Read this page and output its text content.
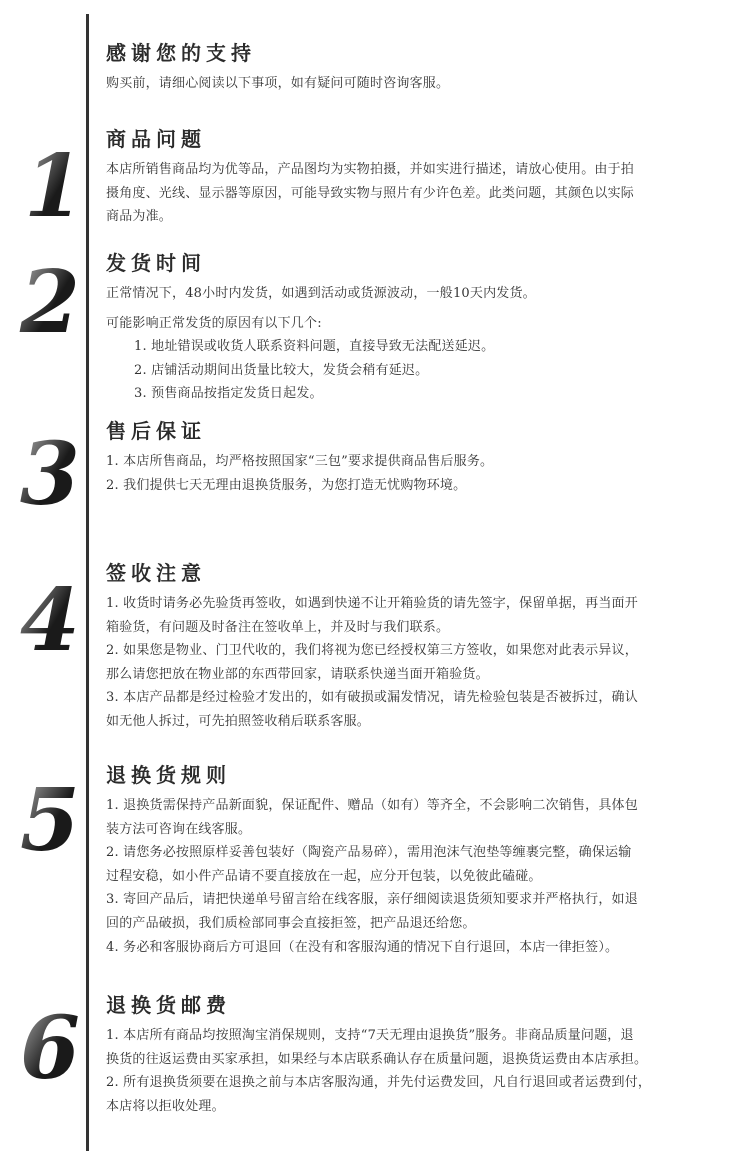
1
2
3
4
5
6
感谢您的支持

购买前，请细心阅读以下事项，如有疑问可随时咨询客服。

商品问题

本店所销售商品均为优等品，产品图均为实物拍摄，并如实进行描述，请放心使用。由于拍

摄角度、光线、显示器等原因，可能导致实物与照片有少许色差。此类问题，其颜色以实际

商品为准。

发货时间

正常情况下，48小时内发货，如遇到活动或货源波动，一般10天内发货。

可能影响正常发货的原因有以下几个:

1. 地址错误或收货人联系资料问题，直接导致无法配送延迟。

2. 店铺活动期间出货量比较大，发货会稍有延迟。

3. 预售商品按指定发货日起发。

售后保证

1. 本店所售商品，均严格按照国家“三包”要求提供商品售后服务。

2. 我们提供七天无理由退换货服务，为您打造无忧购物环境。

签收注意

1. 收货时请务必先验货再签收，如遇到快递不让开箱验货的请先签字，保留单据，再当面开

箱验货，有问题及时备注在签收单上，并及时与我们联系。

2. 如果您是物业、门卫代收的，我们将视为您已经授权第三方签收，如果您对此表示异议，

那么请您把放在物业部的东西带回家，请联系快递当面开箱验货。

3. 本店产品都是经过检验才发出的，如有破损或漏发情况，请先检验包装是否被拆过，确认

如无他人拆过，可先拍照签收稍后联系客服。

退换货规则

1. 退换货需保持产品新面貌，保证配件、赠品（如有）等齐全，不会影响二次销售，具体包

装方法可咨询在线客服。

2. 请您务必按照原样妥善包装好（陶瓷产品易碎），需用泡沫气泡垫等缠裹完整，确保运输

过程安稳，如小件产品请不要直接放在一起，应分开包装，以免彼此磕碰。

3. 寄回产品后，请把快递单号留言给在线客服，亲仔细阅读退货须知要求并严格执行，如退

回的产品破损，我们质检部同事会直接拒签，把产品退还给您。

4. 务必和客服协商后方可退回（在没有和客服沟通的情况下自行退回，本店一律拒签）。

退换货邮费

1. 本店所有商品均按照淘宝消保规则，支持“7天无理由退换货”服务。非商品质量问题，退

换货的往返运费由买家承担，如果经与本店联系确认存在质量问题，退换货运费由本店承担。

2. 所有退换货须要在退换之前与本店客服沟通，并先付运费发回，凡自行退回或者运费到付，

本店将以拒收处理。
